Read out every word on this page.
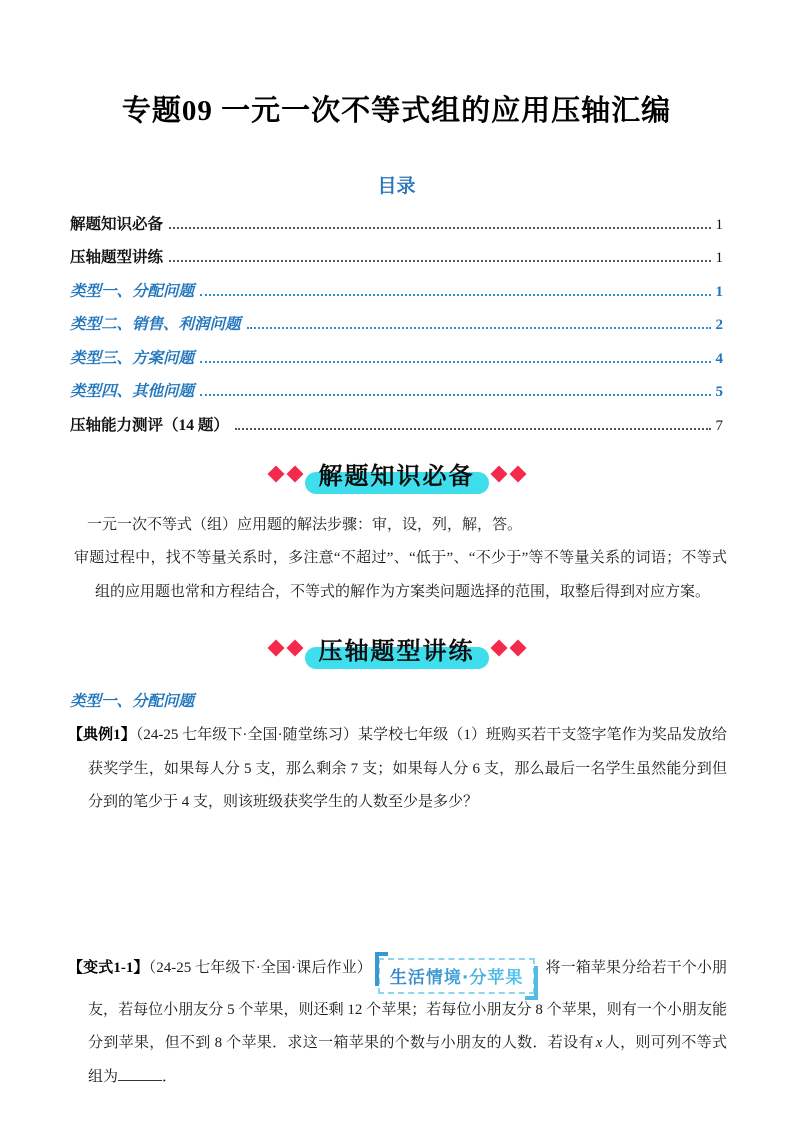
专题09 一元一次不等式组的应用压轴汇编
目录
解题知识必备	1
压轴题型讲练	1
类型一、分配问题	1
类型二、销售、利润问题	2
类型三、方案问题	4
类型四、其他问题	5
压轴能力测评（14 题）	7
解题知识必备
一元一次不等式（组）应用题的解法步骤：审，设，列，解，答。
审题过程中，找不等量关系时，多注意“不超过”、“低于”、“不少于”等不等量关系的词语；不等式组的应用题也常和方程结合，不等式的解作为方案类问题选择的范围，取整后得到对应方案。
压轴题型讲练
类型一、分配问题
【典例1】（24-25 七年级下·全国·随堂练习）某学校七年级（1）班购买若干支签字笔作为奖品发放给获奖学生，如果每人分 5 支，那么剩余 7 支；如果每人分 6 支，那么最后一名学生虽然能分到但分到的笔少于 4 支，则该班级获奖学生的人数至少是多少？
【变式1-1】（24-25 七年级下·全国·课后作业） 生活情境·分苹果 将一箱苹果分给若干个小朋友，若每位小朋友分 5 个苹果，则还剩 12 个苹果；若每位小朋友分 8 个苹果，则有一个小朋友能分到苹果，但不到 8 个苹果．求这一箱苹果的个数与小朋友的人数．若设有 x 人，则可列不等式组为	．
